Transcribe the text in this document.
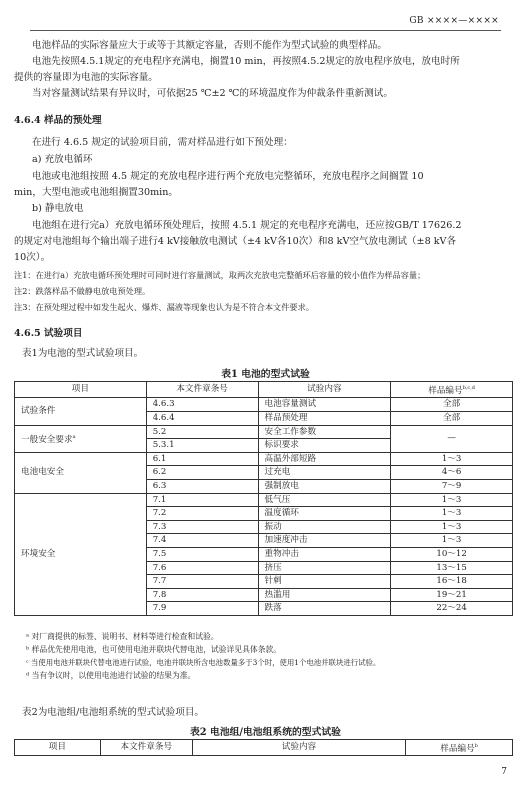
GB ××××—××××
电池样品的实际容量应大于或等于其额定容量，否则不能作为型式试验的典型样品。
电池先按照4.5.1规定的充电程序充满电，搁置10 min，再按照4.5.2规定的放电程序放电，放电时所
提供的容量即为电池的实际容量。
当对容量测试结果有异议时，可依据25 ℃±2 ℃的环境温度作为仲裁条件重新测试。
4.6.4 样品的预处理
在进行 4.6.5 规定的试验项目前，需对样品进行如下预处理：
a) 充放电循环
电池或电池组按照 4.5 规定的充放电程序进行两个充放电完整循环，充放电程序之间搁置 10
min，大型电池或电池组搁置30min。
b) 静电放电
电池组在进行完a）充放电循环预处理后，按照 4.5.1 规定的充电程序充满电，还应按GB/T 17626.2
的规定对电池组每个输出端子进行4 kV接触放电测试（±4 kV各10次）和8 kV空气放电测试（±8 kV各
10次）。
注1：在进行a）充放电循环预处理时可同时进行容量测试，取两次充放电完整循环后容量的较小值作为样品容量；
注2：跌落样品不做静电放电预处理。
注3：在预处理过程中如发生起火、爆炸、漏液等现象也认为是不符合本文件要求。
4.6.5 试验项目
表1为电池的型式试验项目。
表1 电池的型式试验
项目	本文件章条号	试验内容	样品编号$^{b,c,d}$
试验条件	4.6.3	电池容量测试	全部
	4.6.4	样品预处理	全部
一般安全要求$^a$	5.2	安全工作参数	—
	5.3.1	标识要求	
电池电安全	6.1	高温外部短路	1～3
	6.2	过充电	4～6
	6.3	强制放电	7～9
环境安全	7.1	低气压	1～3
	7.2	温度循环	1～3
	7.3	振动	1～3
	7.4	加速度冲击	1～3
	7.5	重物冲击	10～12
	7.6	挤压	13～15
	7.7	针刺	16～18
	7.8	热滥用	19～21
	7.9	跌落	22～24
ᵃ 对厂商提供的标签、说明书、材料等进行检查和试验。
ᵇ 样品优先使用电池，也可使用电池并联块代替电池，试验详见具体条款。
ᶜ 当使用电池并联块代替电池进行试验，电池并联块所含电池数量多于3个时，使用1个电池并联块进行试验。
ᵈ 当有争议时，以使用电池进行试验的结果为准。
表2为电池组/电池组系统的型式试验项目。
表2 电池组/电池组系统的型式试验
项目	本文件章条号	试验内容	样品编号$^b$
7
